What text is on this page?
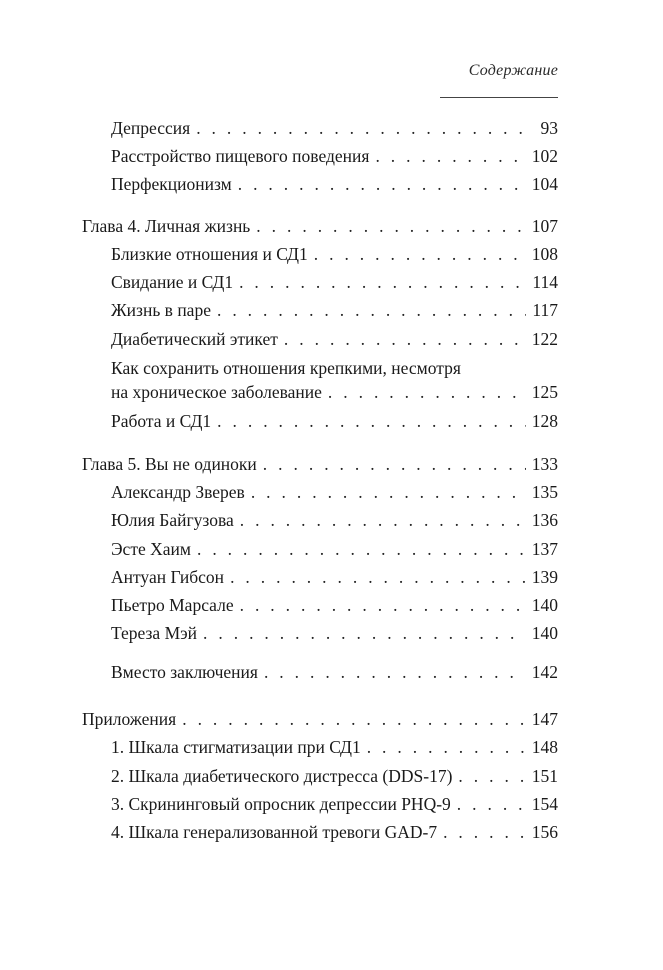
Содержание
Депрессия . . .	93
Расстройство пищевого поведения . . .	102
Перфекционизм . . .	104
Глава 4. Личная жизнь . . .	107
Близкие отношения и СД1 . . .	108
Свидание и СД1 . . .	114
Жизнь в паре . . .	117
Диабетический этикет . . .	122
Как сохранить отношения крепкими, несмотря
на хроническое заболевание . . .	125
Работа и СД1 . . .	128
Глава 5. Вы не одиноки . . .	133
Александр Зверев . . .	135
Юлия Байгузова . . .	136
Эсте Хаим . . .	137
Антуан Гибсон . . .	139
Пьетро Марсале . . .	140
Тереза Мэй . . .	140
Вместо заключения . . .	142
Приложения . . .	147
1. Шкала стигматизации при СД1 . . .	148
2. Шкала диабетического дистресса (DDS-17) . . .	151
3. Скрининговый опросник депрессии PHQ-9 . . .	154
4. Шкала генерализованной тревоги GAD-7 . . .	156
